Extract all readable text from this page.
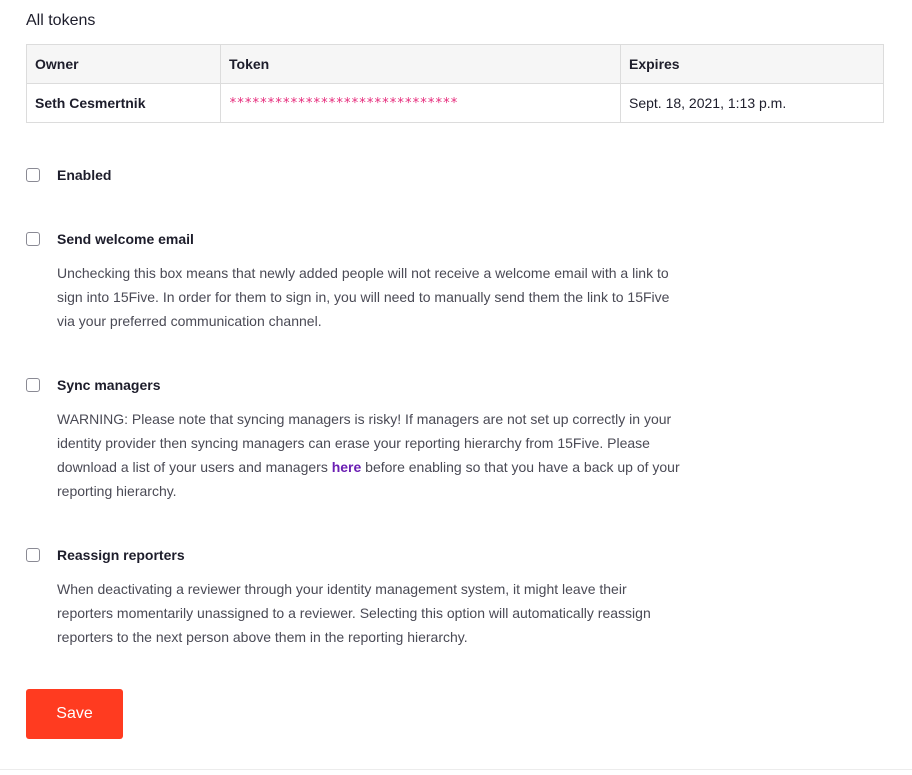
All tokens
Owner	Token	Expires
Seth Cesmertnik	******************************	Sept. 18, 2021, 1:13 p.m.
Enabled
Send welcome email
Unchecking this box means that newly added people will not receive a welcome email with a link to sign into 15Five. In order for them to sign in, you will need to manually send them the link to 15Five via your preferred communication channel.
Sync managers
WARNING: Please note that syncing managers is risky! If managers are not set up correctly in your identity provider then syncing managers can erase your reporting hierarchy from 15Five. Please download a list of your users and managers here before enabling so that you have a back up of your reporting hierarchy.
Reassign reporters
When deactivating a reviewer through your identity management system, it might leave their reporters momentarily unassigned to a reviewer. Selecting this option will automatically reassign reporters to the next person above them in the reporting hierarchy.
Save
